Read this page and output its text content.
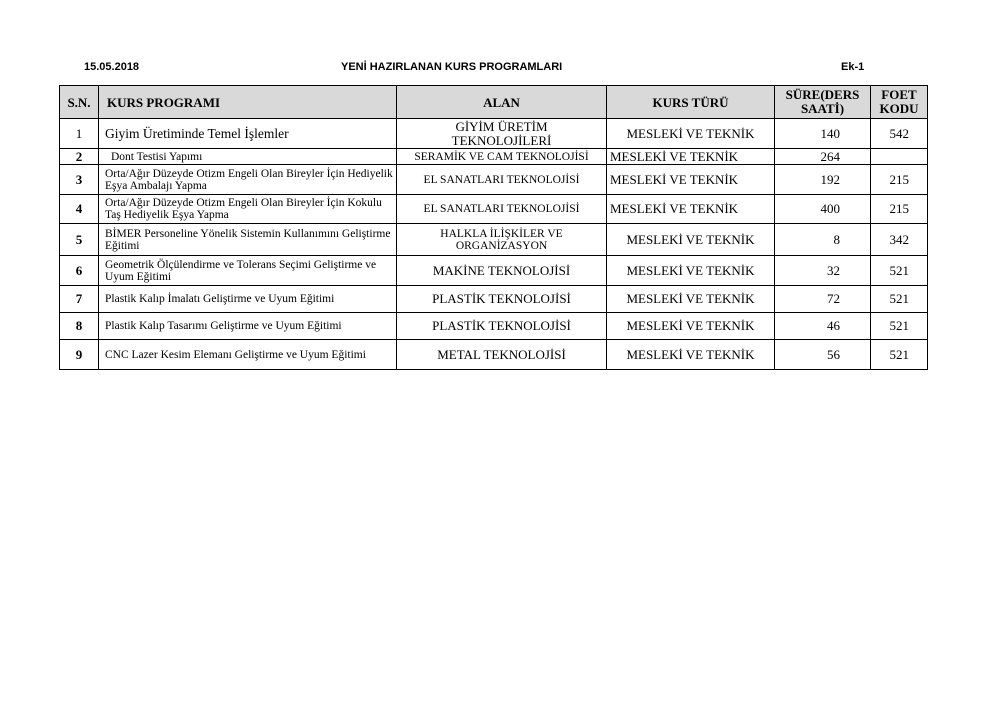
15.05.2018	YENİ HAZIRLANAN KURS PROGRAMLARI	Ek-1
S.N.	KURS PROGRAMI	ALAN	KURS TÜRÜ	SÜRE(DERS SAATİ)	FOET KODU
1	Giyim Üretiminde Temel İşlemler	GİYİM ÜRETİM TEKNOLOJİLERİ	MESLEKİ VE TEKNİK	140	542
2	Dont Testisi Yapımı	SERAMİK VE CAM TEKNOLOJİSİ	MESLEKİ VE TEKNİK	264	
3	Orta/Ağır Düzeyde Otizm Engeli Olan Bireyler İçin Hediyelik Eşya Ambalajı Yapma	EL SANATLARI TEKNOLOJİSİ	MESLEKİ VE TEKNİK	192	215
4	Orta/Ağır Düzeyde Otizm Engeli Olan Bireyler İçin Kokulu Taş Hediyelik Eşya Yapma	EL SANATLARI TEKNOLOJİSİ	MESLEKİ VE TEKNİK	400	215
5	BİMER Personeline Yönelik Sistemin Kullanımını Geliştirme Eğitimi	HALKLA İLİŞKİLER VE ORGANİZASYON	MESLEKİ VE TEKNİK	8	342
6	Geometrik Ölçülendirme ve Tolerans Seçimi Geliştirme ve Uyum Eğitimi	MAKİNE TEKNOLOJİSİ	MESLEKİ VE TEKNİK	32	521
7	Plastik Kalıp İmalatı Geliştirme ve Uyum Eğitimi	PLASTİK TEKNOLOJİSİ	MESLEKİ VE TEKNİK	72	521
8	Plastik Kalıp Tasarımı Geliştirme ve Uyum Eğitimi	PLASTİK TEKNOLOJİSİ	MESLEKİ VE TEKNİK	46	521
9	CNC Lazer Kesim Elemanı Geliştirme ve Uyum Eğitimi	METAL TEKNOLOJİSİ	MESLEKİ VE TEKNİK	56	521
